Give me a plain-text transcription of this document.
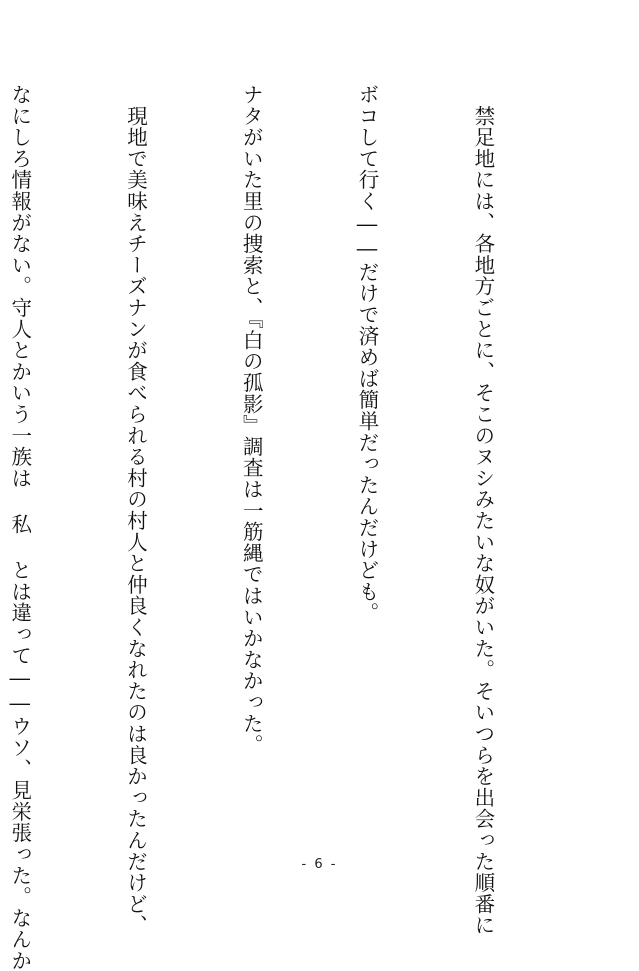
　禁足地には、各地方ごとに、そこのヌシみたいな奴がいた。そいつらを出会った順番に

ボコして行く――だけで済めば簡単だったんだけども。

ナタがいた里の捜索と、『白の孤影』調査は一筋縄ではいかなかった。

　現地で美味えチーズナンが食べられる村の村人と仲良くなれたのは良かったんだけど、

なにしろ情報がない。守人とかいう一族は 私 とは違って――ウソ、見栄張った。なんか

	- 6 -
